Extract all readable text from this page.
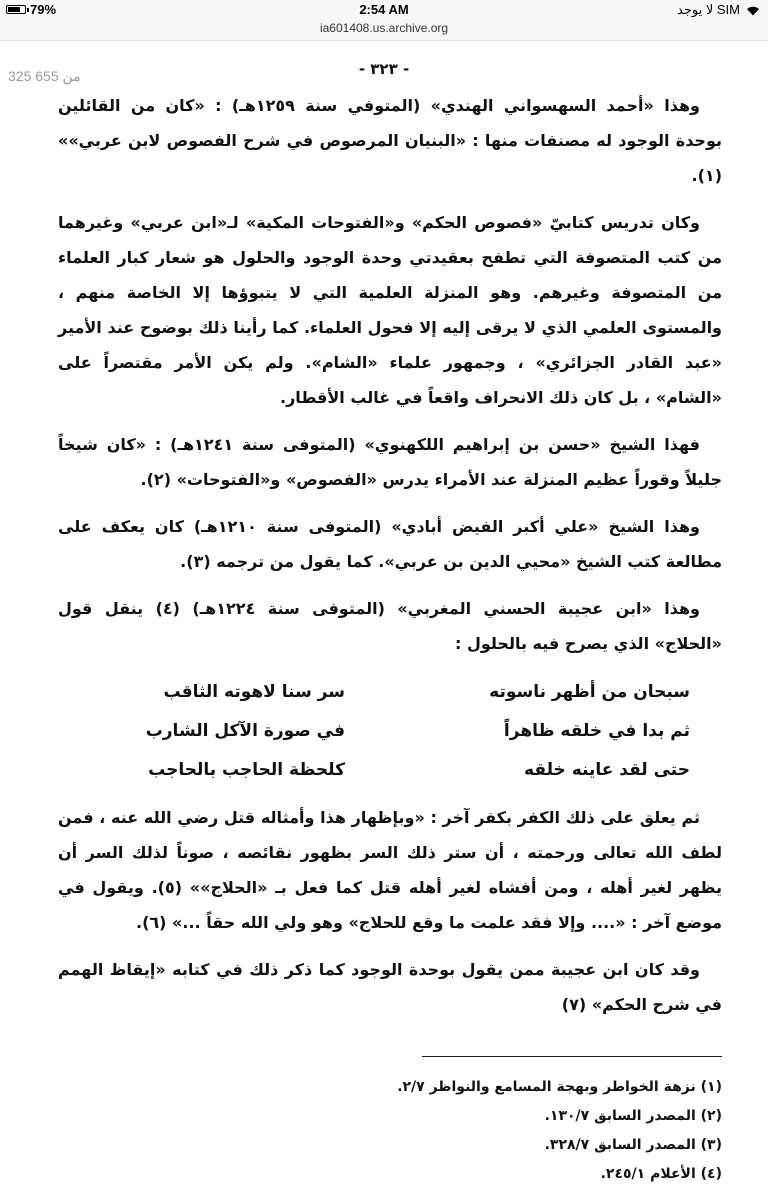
79%	2:54 AM	لا يوجد SIM
ia601408.us.archive.org
325 من 655	- ٣٢٣ -

وهذا «أحمد السهسواني الهندي» (المتوفي سنة ١٢٥٩هـ) : «كان من القائلين بوحدة الوجود له مصنفات منها : «البنيان المرصوص في شرح الفصوص لابن عربي»» (١).

وكان تدريس كتابيّ «فصوص الحكم» و«الفتوحات المكية» لـ«ابن عربي» وغيرهما من كتب المتصوفة التي تطفح بعقيدتي وحدة الوجود والحلول هو شعار كبار العلماء من المتصوفة وغيرهم. وهو المنزلة العلمية التي لا يتبوؤها إلا الخاصة منهم ، والمستوى العلمي الذي لا يرقى إليه إلا فحول العلماء. كما رأينا ذلك بوضوح عند الأمير «عبد القادر الجزائري» ، وجمهور علماء «الشام». ولم يكن الأمر مقتصراً على «الشام» ، بل كان ذلك الانحراف واقعاً في غالب الأقطار.

فهذا الشيخ «حسن بن إبراهيم اللكهنوي» (المتوفى سنة ١٢٤١هـ) : «كان شيخاً جليلاً وقوراً عظيم المنزلة عند الأمراء يدرس «الفصوص» و«الفتوحات» (٢).

وهذا الشيخ «علي أكبر الفيض أبادي» (المتوفى سنة ١٢١٠هـ) كان يعكف على مطالعة كتب الشيخ «محيي الدين بن عربي». كما يقول من ترجمه (٣).

وهذا «ابن عجيبة الحسني المغربي» (المتوفى سنة ١٢٢٤هـ) (٤) ينقل قول «الحلاج» الذي يصرح فيه بالحلول :

سبحان من أظهر ناسوته
سر سنا لاهوته الثاقب
ثم بدا في خلقه ظاهراً
في صورة الآكل الشارب
حتى لقد عاينه خلقه
كلحظة الحاجب بالحاجب

ثم يعلق على ذلك الكفر بكفر آخر : «وبإظهار هذا وأمثاله قتل رضي الله عنه ، فمن لطف الله تعالى ورحمته ، أن ستر ذلك السر بظهور نقائصه ، صوناً لذلك السر أن يظهر لغير أهله ، ومن أفشاه لغير أهله قتل كما فعل بـ «الحلاج»» (٥). ويقول في موضع آخر : «.... وإلا فقد علمت ما وقع للحلاج» وهو ولي الله حقاً ...» (٦).

وقد كان ابن عجيبة ممن يقول بوحدة الوجود كما ذكر ذلك في كتابه «إيقاظ الهمم في شرح الحكم» (٧)

(١) نزهة الخواطر وبهجة المسامع والنواظر ٢/٧.
(٢) المصدر السابق ١٣٠/٧.
(٣) المصدر السابق ٣٢٨/٧.
(٤) الأعلام ٢٤٥/١.
